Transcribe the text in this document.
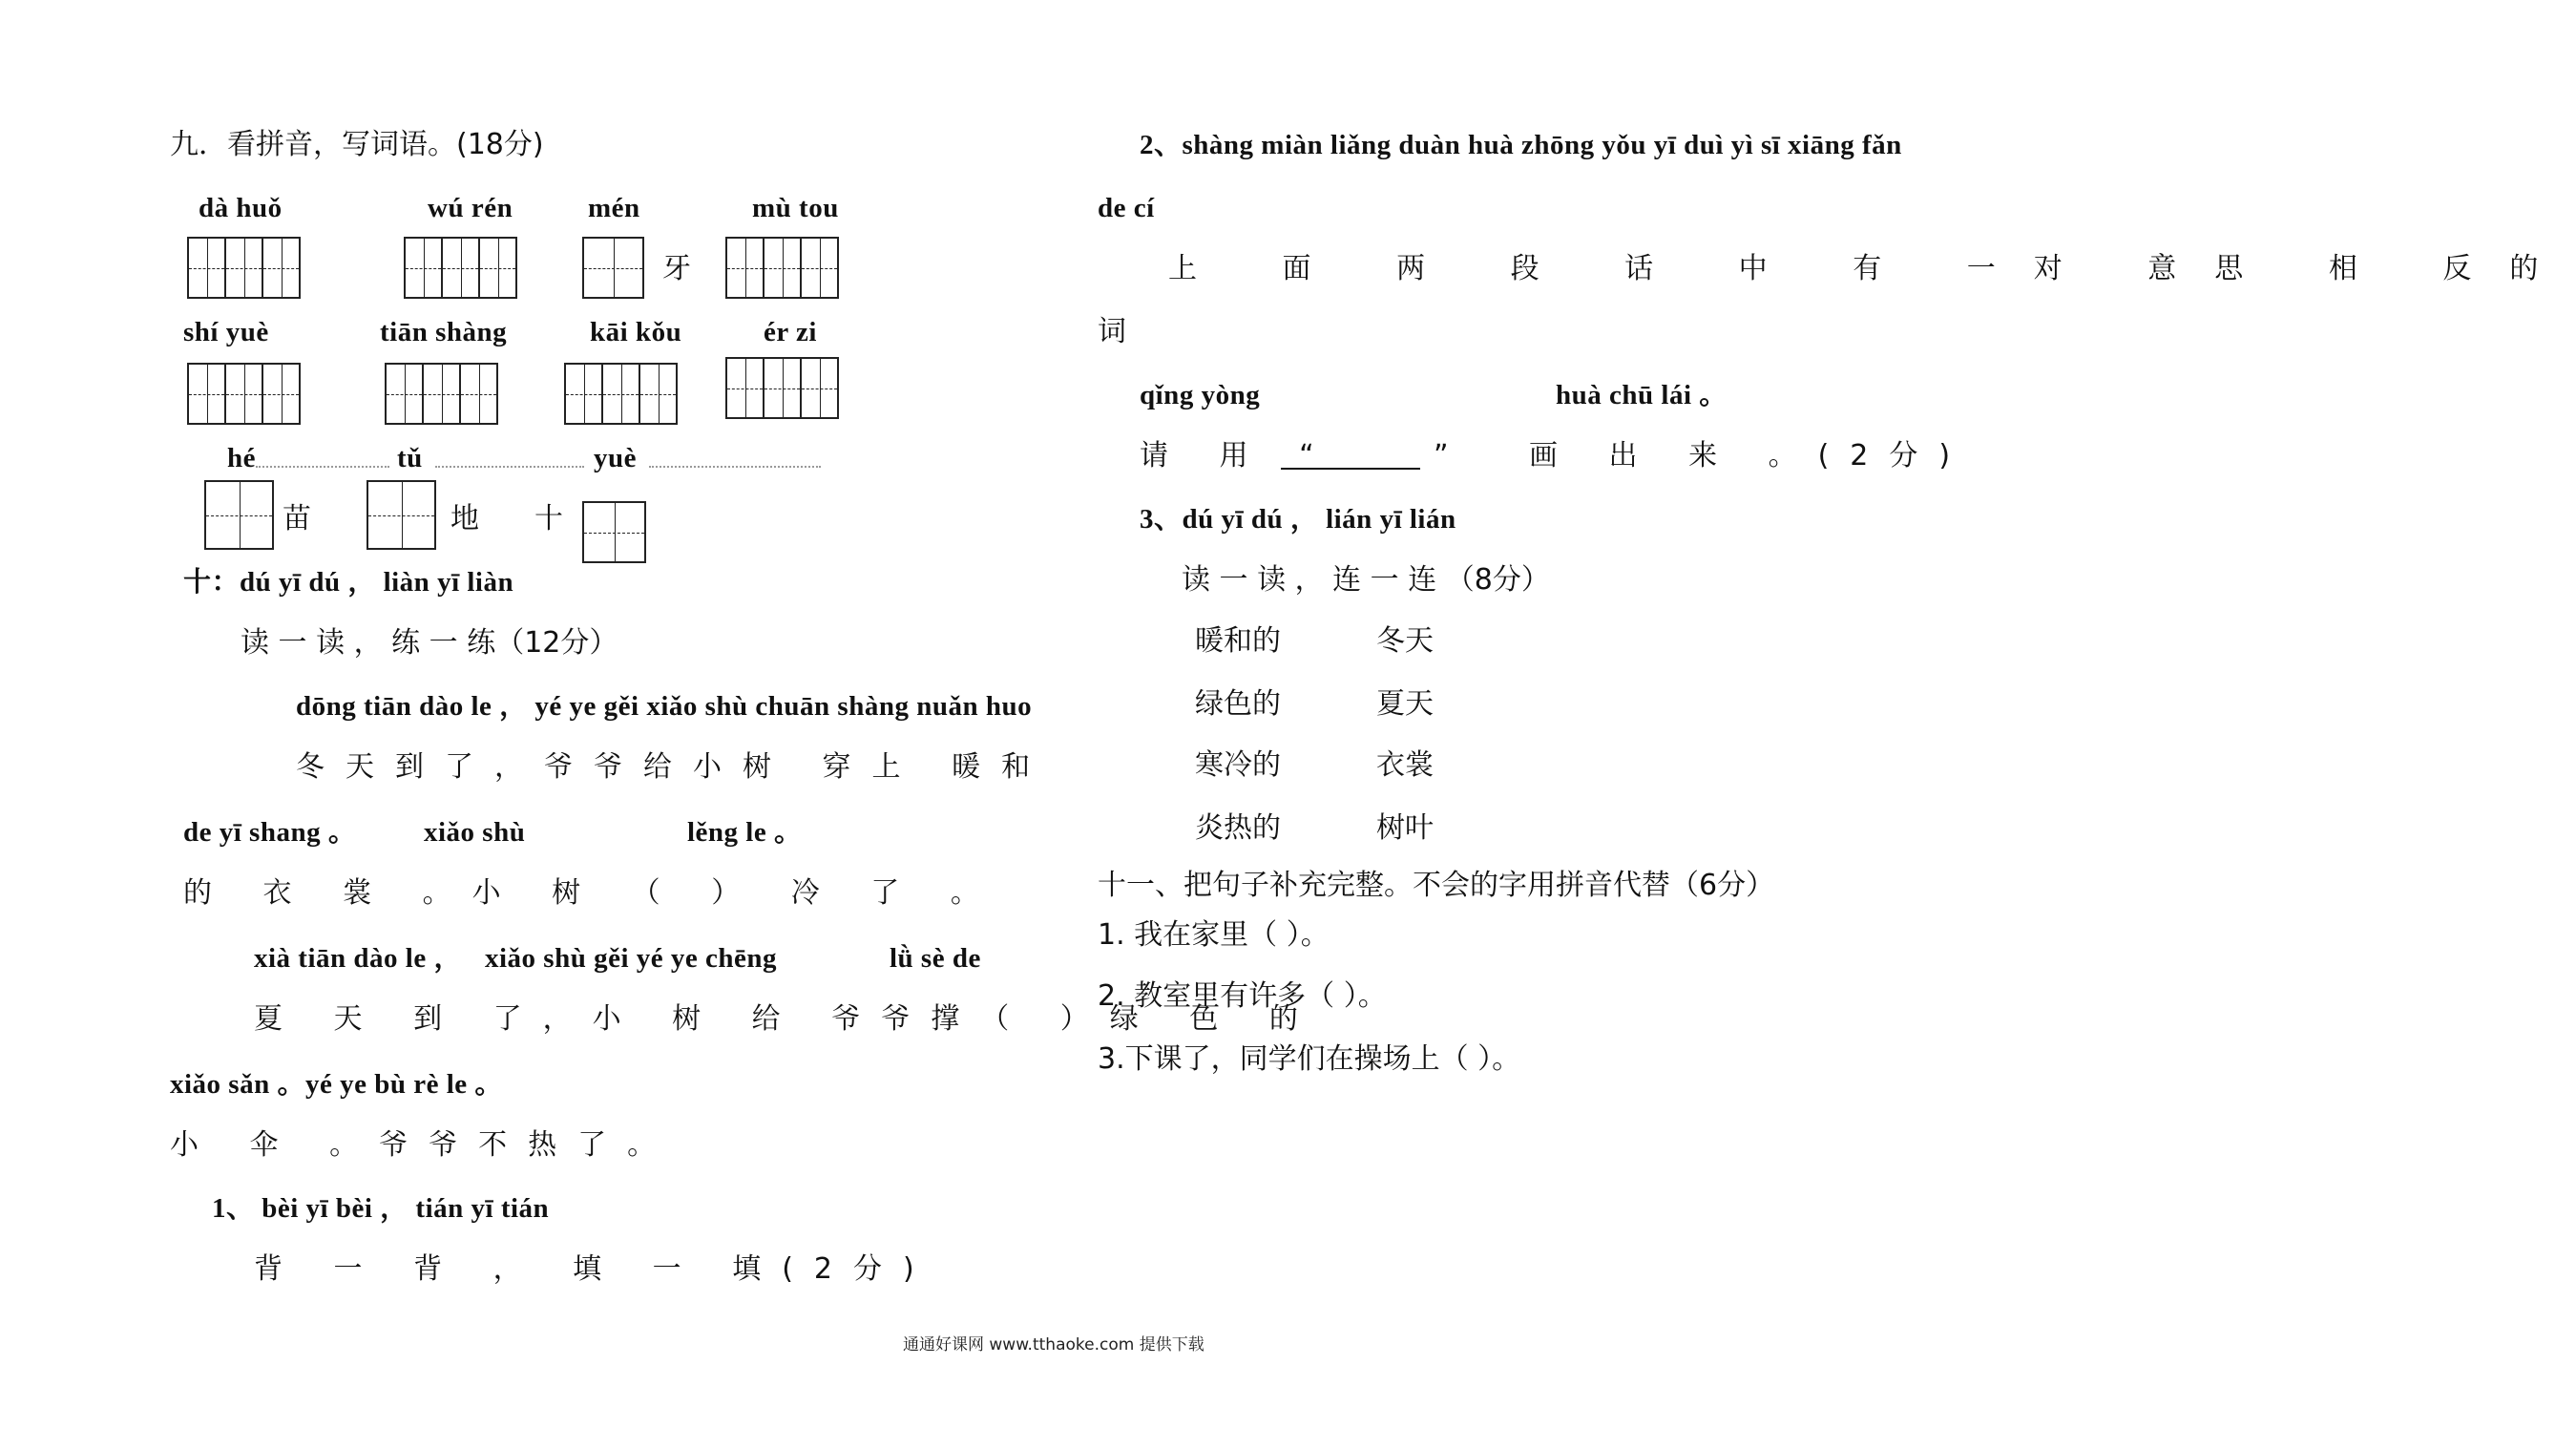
九．看拼音，写词语。(18分)
dà huǒ	wú rén	mén	mù tou
牙
shí yuè	tiān shàng	kāi kǒu	ér zi
hé	tǔ	yuè
苗	地 十
十：dú yī dú ， liàn yī liàn
读 一 读 ， 练 一 练（12分）
dōng tiān dào le ， yé ye gěi xiǎo shù chuān shàng nuǎn huo
冬天到了，爷爷给小树 穿上 暖和
de yī shang 。 xiǎo shù	lěng le 。
的 衣 裳 。小 树 （ ） 冷 了 。
xià tiān dào le ， xiǎo shù gěi yé ye chēng	lǜ sè de
夏 天 到 了，小 树 给 爷爷撑（ ）绿 色 的
xiǎo sǎn 。yé ye bù rè le 。
小 伞 。爷爷不热了。
1、 bèi yī bèi ， tián yī tián
背 一 背 ， 填 一 填(2分)
2、shàng miàn liǎng duàn huà zhōng yǒu yī duì yì sī xiāng fǎn
de cí
上 面 两 段 话 中 有 一对 意思 相 反的
词
qǐng yòng	huà chū lái 。
请 用 “	”	画 出 来 。(2分)
3、dú yī dú ， lián yī lián
读 一 读 ， 连 一 连 （8分）
暖和的	冬天
绿色的	夏天
寒冷的	衣裳
炎热的	树叶
十一、把句子补充完整。不会的字用拼音代替（6分）
1. 我在家里（ ）。
2. 教室里有许多（ ）。
3.下课了，同学们在操场上（ ）。
通通好课网 www.tthaoke.com 提供下载
